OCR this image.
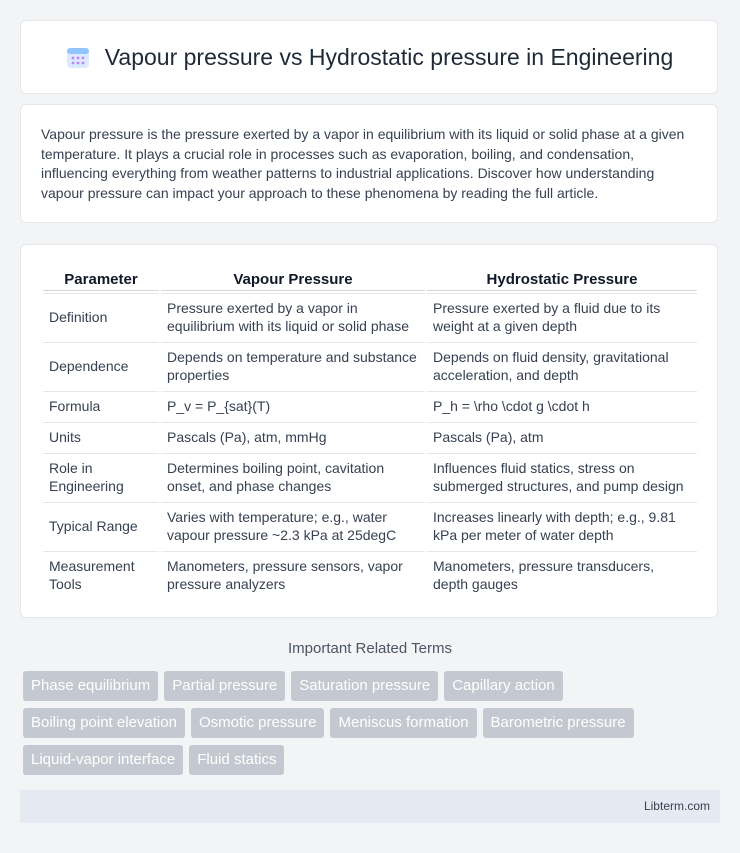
Vapour pressure vs Hydrostatic pressure in Engineering

Vapour pressure is the pressure exerted by a vapor in equilibrium with its liquid or solid phase at a given temperature. It plays a crucial role in processes such as evaporation, boiling, and condensation, influencing everything from weather patterns to industrial applications. Discover how understanding vapour pressure can impact your approach to these phenomena by reading the full article.

Parameter	Vapour Pressure	Hydrostatic Pressure
Definition	Pressure exerted by a vapor in equilibrium with its liquid or solid phase	Pressure exerted by a fluid due to its weight at a given depth
Dependence	Depends on temperature and substance properties	Depends on fluid density, gravitational acceleration, and depth
Formula	P_v = P_{sat}(T)	P_h = \rho \cdot g \cdot h
Units	Pascals (Pa), atm, mmHg	Pascals (Pa), atm
Role in Engineering	Determines boiling point, cavitation onset, and phase changes	Influences fluid statics, stress on submerged structures, and pump design
Typical Range	Varies with temperature; e.g., water vapour pressure ~2.3 kPa at 25degC	Increases linearly with depth; e.g., 9.81 kPa per meter of water depth
Measurement Tools	Manometers, pressure sensors, vapor pressure analyzers	Manometers, pressure transducers, depth gauges
Important Related Terms
Phase equilibrium	Partial pressure	Saturation pressure	Capillary action
Boiling point elevation	Osmotic pressure	Meniscus formation	Barometric pressure
Liquid-vapor interface	Fluid statics
Libterm.com
